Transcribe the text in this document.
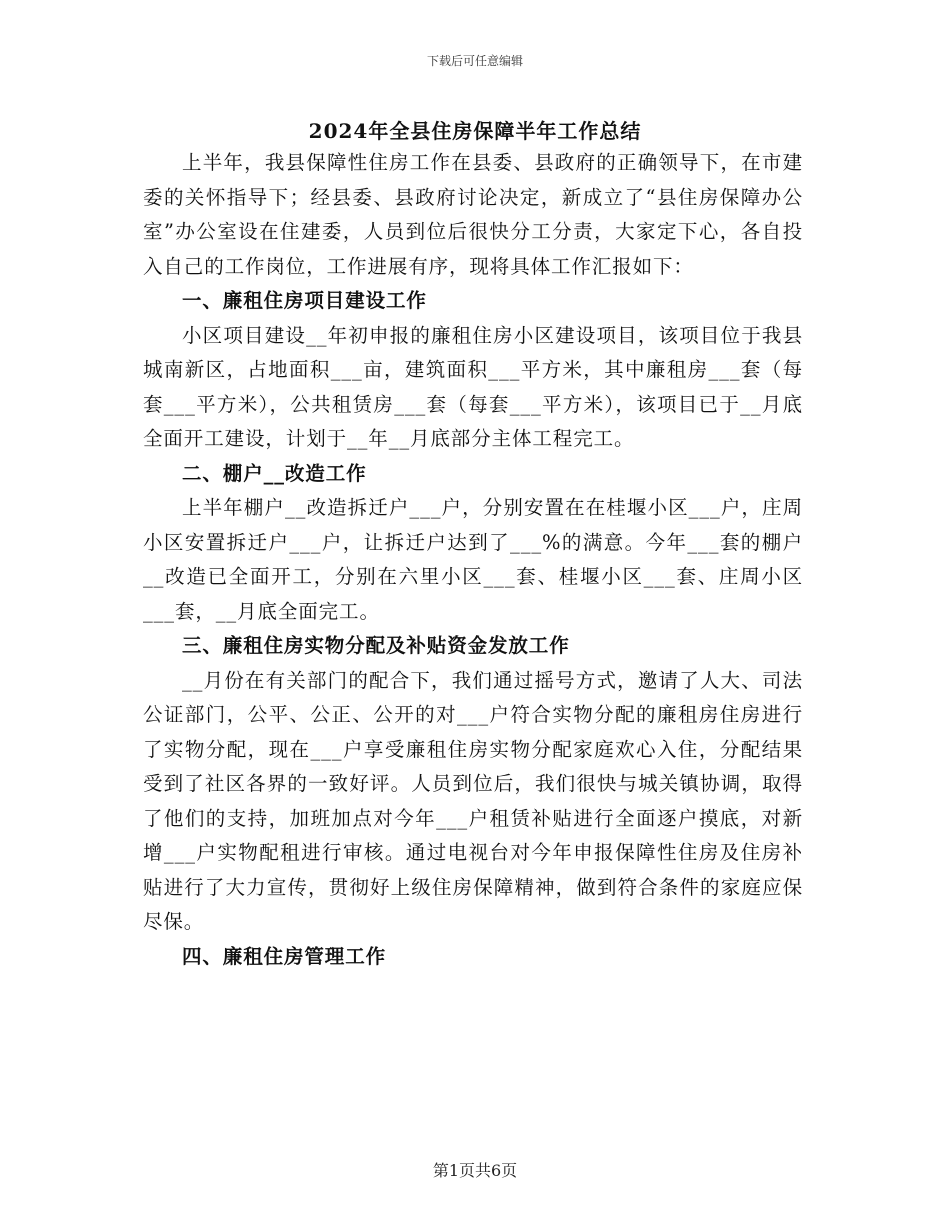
下载后可任意编辑
2024年全县住房保障半年工作总结

上半年，我县保障性住房工作在县委、县政府的正确领导下，在市建委的关怀指导下；经县委、县政府讨论决定，新成立了“县住房保障办公室”办公室设在住建委，人员到位后很快分工分责，大家定下心，各自投入自己的工作岗位，工作进展有序，现将具体工作汇报如下：

一、廉租住房项目建设工作

小区项目建设__年初申报的廉租住房小区建设项目，该项目位于我县城南新区，占地面积___亩，建筑面积___平方米，其中廉租房___套（每套___平方米），公共租赁房___套（每套___平方米），该项目已于__月底全面开工建设，计划于__年__月底部分主体工程完工。

二、棚户__改造工作

上半年棚户__改造拆迁户___户，分别安置在在桂堰小区___户，庄周小区安置拆迁户___户，让拆迁户达到了___%的满意。今年___套的棚户__改造已全面开工，分别在六里小区___套、桂堰小区___套、庄周小区___套，__月底全面完工。

三、廉租住房实物分配及补贴资金发放工作

__月份在有关部门的配合下，我们通过摇号方式，邀请了人大、司法公证部门，公平、公正、公开的对___户符合实物分配的廉租房住房进行了实物分配，现在___户享受廉租住房实物分配家庭欢心入住，分配结果受到了社区各界的一致好评。人员到位后，我们很快与城关镇协调，取得了他们的支持，加班加点对今年___户租赁补贴进行全面逐户摸底，对新增___户实物配租进行审核。通过电视台对今年申报保障性住房及住房补贴进行了大力宣传，贯彻好上级住房保障精神，做到符合条件的家庭应保尽保。

四、廉租住房管理工作

第1页共6页
